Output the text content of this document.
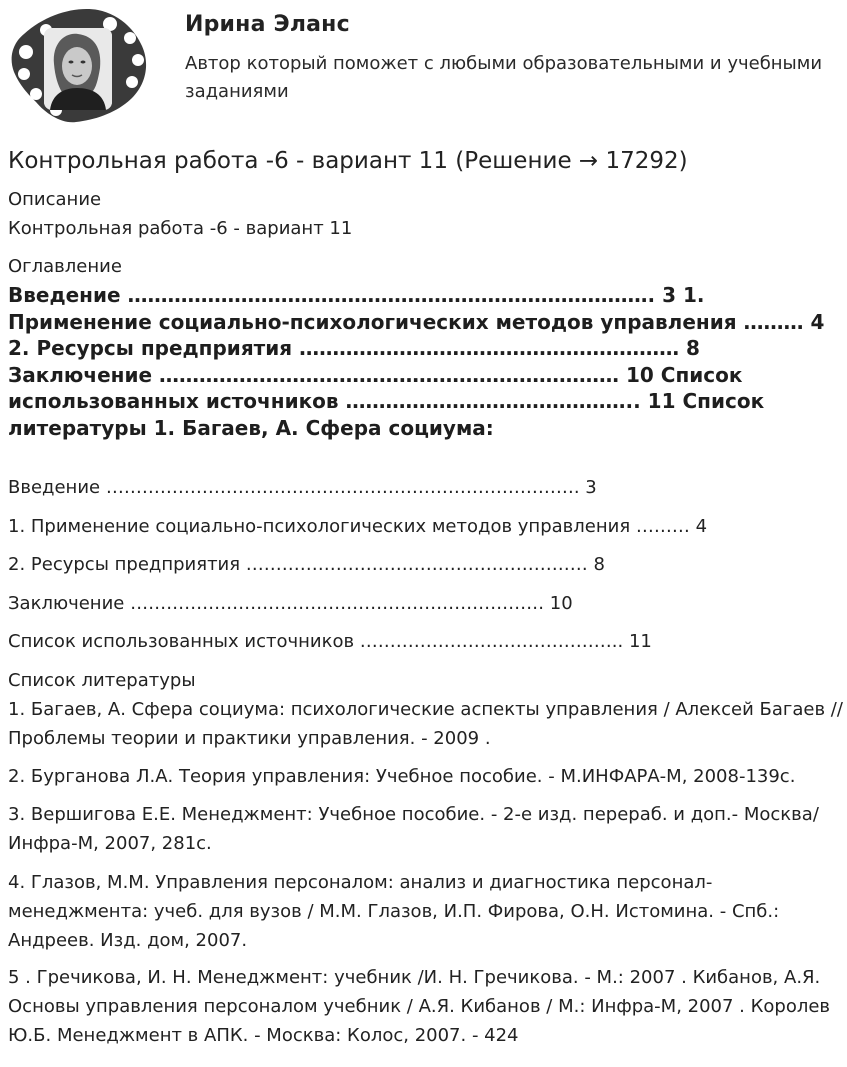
Ирина Эланс
Автор который поможет с любыми образовательными и учебными заданиями
Контрольная работа -6 - вариант 11 (Решение → 17292)
Описание
Контрольная работа -6 - вариант 11
Оглавление
Введение ……………………………………………………………………. 3 1. Применение социально-психологических методов управления ……… 4 2. Ресурсы предприятия ………………………………………………… 8 Заключение …………………………………………………………… 10 Список использованных источников …………………………………….. 11 Список литературы 1. Багаев, А. Сфера социума:
Введение ……………………………………………………………………. 3
1. Применение социально-психологических методов управления ……… 4
2. Ресурсы предприятия ………………………………………………… 8
Заключение …………………………………………………………… 10
Список использованных источников …………………………………….. 11
Список литературы
1. Багаев, А. Сфера социума: психологические аспекты управления / Алексей Багаев // Проблемы теории и практики управления. - 2009 .
2. Бурганова Л.А. Теория управления: Учебное пособие. - М.ИНФАРА-М, 2008-139с.
3. Вершигова Е.Е. Менеджмент: Учебное пособие. - 2-е изд. перераб. и доп.- Москва/Инфра-М, 2007, 281с.
4. Глазов, М.М. Управления персоналом: анализ и диагностика персонал-менеджмента: учеб. для вузов / М.М. Глазов, И.П. Фирова, О.Н. Истомина. - Спб.: Андреев. Изд. дом, 2007.
5 . Гречикова, И. Н. Менеджмент: учебник /И. Н. Гречикова. - М.: 2007 . Кибанов, А.Я. Основы управления персоналом учебник / А.Я. Кибанов / М.: Инфра-М, 2007 . Королев Ю.Б. Менеджмент в АПК. - Москва: Колос, 2007. - 424
